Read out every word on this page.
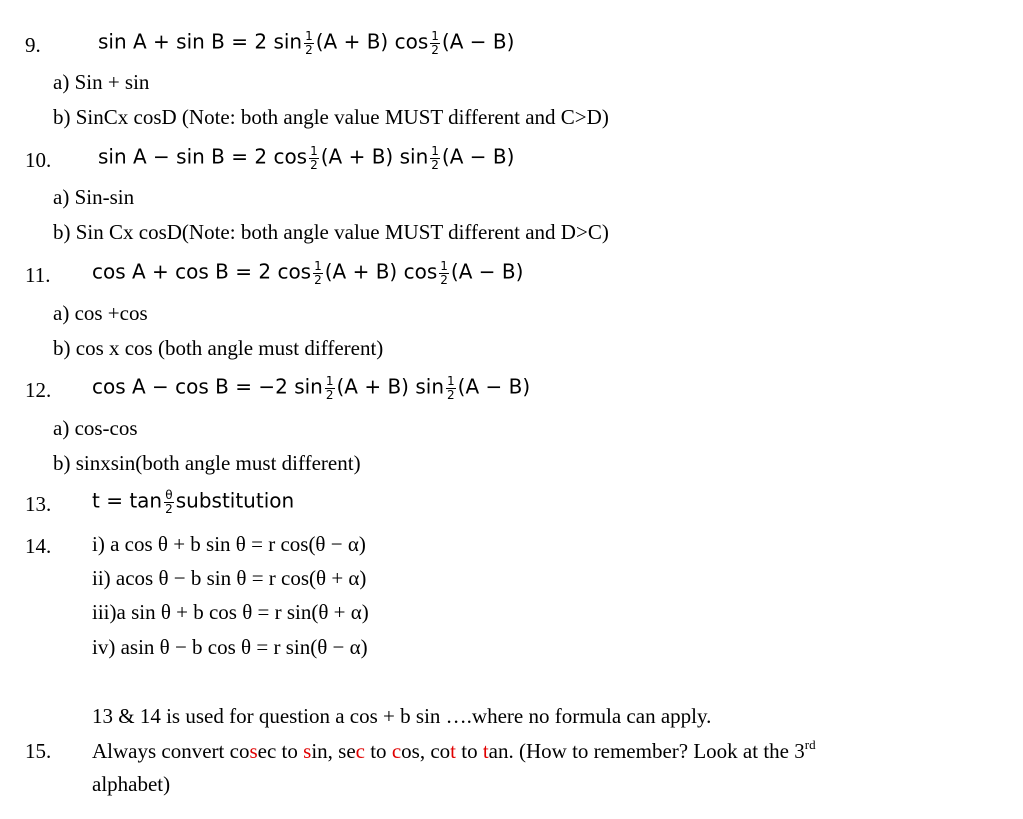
9.	sin A + sin B = 2 $\sin \frac{1}{2} (A + B)$ $\cos \frac{1}{2} (A - B)$
a) Sin + sin
b) SinCx cosD (Note: both angle value MUST different and C>D)
10. sin A − sin B = 2 $\cos \frac{1}{2} (A + B)$ $\sin \frac{1}{2} (A - B)$
a) Sin-sin
b) Sin Cx cosD(Note: both angle value MUST different and D>C)
11. cos A + cos B = 2 $\cos \frac{1}{2} (A + B)$ $\cos \frac{1}{2} (A - B)$
a) cos +cos
b) cos x cos (both angle must different)
12. cos A − cos B = −2 $\sin \frac{1}{2} (A + B)$ $\sin \frac{1}{2} (A - B)$
a) cos-cos
b) sinxsin(both angle must different)
13. $t = \tan \frac{\theta}{2}$ substitution
14. i) a cos θ + b sin θ = r cos(θ − α)
ii) acos θ − b sin θ = r cos(θ + α)
iii)a sin θ + b cos θ = r sin(θ + α)
iv) asin θ − b cos θ = r sin(θ − α)
13 & 14 is used for question a cos + b sin ….where no formula can apply.
15. Always convert cosec to sin, sec to cos, cot to tan. (How to remember? Look at the 3rd
alphabet)
